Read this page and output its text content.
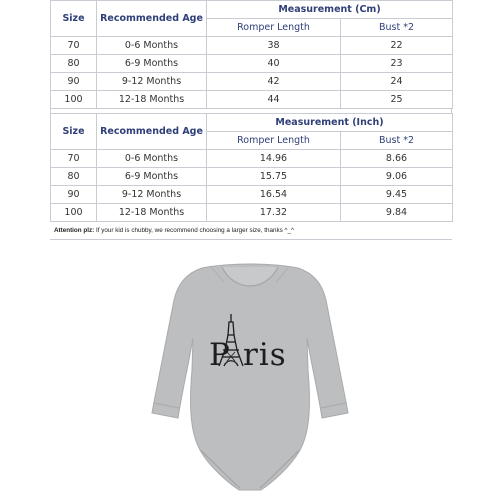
Size	Recommended Age	Measurement (Cm)	
		Romper Length	Bust *2
70	0-6 Months	38	22
80	6-9 Months	40	23
90	9-12 Months	42	24
100	12-18 Months	44	25
Size	Recommended Age	Measurement (Inch)	
		Romper Length	Bust *2
70	0-6 Months	14.96	8.66
80	6-9 Months	15.75	9.06
90	9-12 Months	16.54	9.45
100	12-18 Months	17.32	9.84
Attention plz: If your kid is chubby, we recommend choosing a larger size, thanks ^_^
P ris
